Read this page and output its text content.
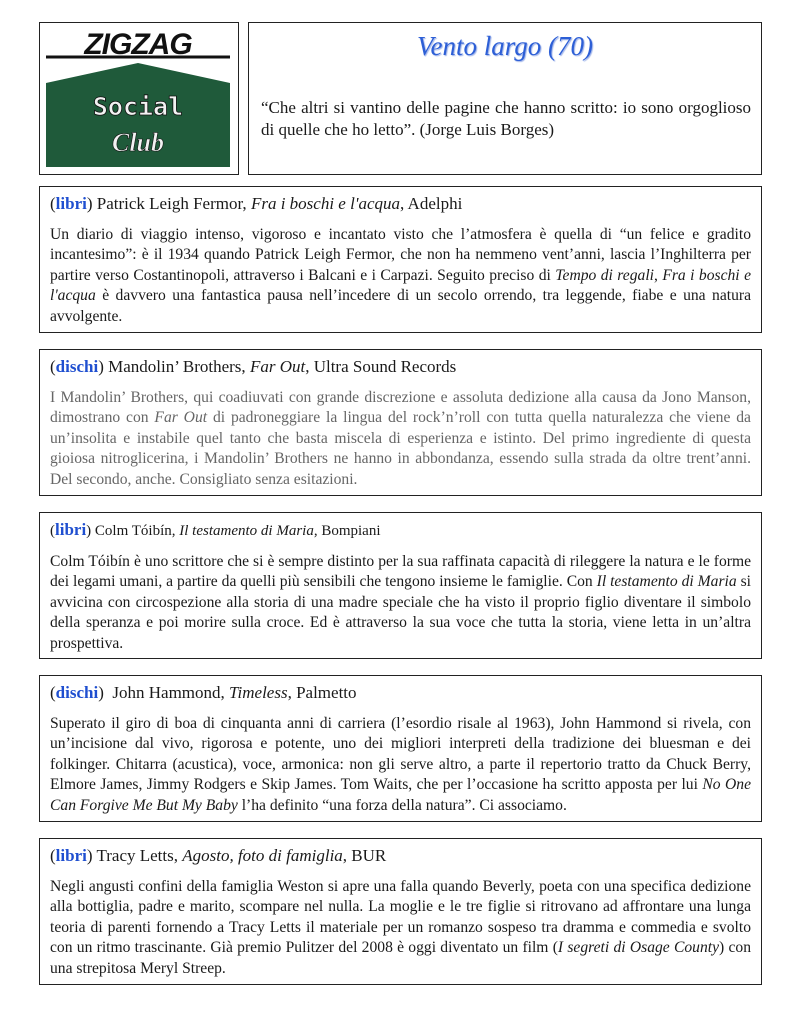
ZIGZAG
Social
Club
Vento largo (70)
“Che altri si vantino delle pagine che hanno scritto: io sono orgoglioso di quelle che ho letto”. (Jorge Luis Borges)

(libri) Patrick Leigh Fermor, Fra i boschi e l'acqua, Adelphi

Un diario di viaggio intenso, vigoroso e incantato visto che l’atmosfera è quella di “un felice e gradito incantesimo”: è il 1934 quando Patrick Leigh Fermor, che non ha nemmeno vent’anni, lascia l’Inghilterra per partire verso Costantinopoli, attraverso i Balcani e i Carpazi. Seguito preciso di Tempo di regali, Fra i boschi e l'acqua è davvero una fantastica pausa nell’incedere di un secolo orrendo, tra leggende, fiabe e una natura avvolgente.

(dischi) Mandolin’ Brothers, Far Out, Ultra Sound Records

I Mandolin’ Brothers, qui coadiuvati con grande discrezione e assoluta dedizione alla causa da Jono Manson, dimostrano con Far Out di padroneggiare la lingua del rock’n’roll con tutta quella naturalezza che viene da un’insolita e instabile quel tanto che basta miscela di esperienza e istinto. Del primo ingrediente di questa gioiosa nitroglicerina, i Mandolin’ Brothers ne hanno in abbondanza, essendo sulla strada da oltre trent’anni. Del secondo, anche. Consigliato senza esitazioni.

(libri) Colm Tóibín, Il testamento di Maria, Bompiani

Colm Tóibín è uno scrittore che si è sempre distinto per la sua raffinata capacità di rileggere la natura e le forme dei legami umani, a partire da quelli più sensibili che tengono insieme le famiglie. Con Il testamento di Maria si avvicina con circospezione alla storia di una madre speciale che ha visto il proprio figlio diventare il simbolo della speranza e poi morire sulla croce. Ed è attraverso la sua voce che tutta la storia, viene letta in un’altra prospettiva.

(dischi)  John Hammond, Timeless, Palmetto

Superato il giro di boa di cinquanta anni di carriera (l’esordio risale al 1963), John Hammond si rivela, con un’incisione dal vivo, rigorosa e potente, uno dei migliori interpreti della tradizione dei bluesman e dei folkinger. Chitarra (acustica), voce, armonica: non gli serve altro, a parte il repertorio tratto da Chuck Berry, Elmore James, Jimmy Rodgers e Skip James. Tom Waits, che per l’occasione ha scritto apposta per lui No One Can Forgive Me But My Baby l’ha definito “una forza della natura”. Ci associamo.

(libri) Tracy Letts, Agosto, foto di famiglia, BUR

Negli angusti confini della famiglia Weston si apre una falla quando Beverly, poeta con una specifica dedizione alla bottiglia, padre e marito, scompare nel nulla. La moglie e le tre figlie si ritrovano ad affrontare una lunga teoria di parenti fornendo a Tracy Letts il materiale per un romanzo sospeso tra dramma e commedia e svolto con un ritmo trascinante. Già premio Pulitzer del 2008 è oggi diventato un film (I segreti di Osage County) con una strepitosa Meryl Streep.
